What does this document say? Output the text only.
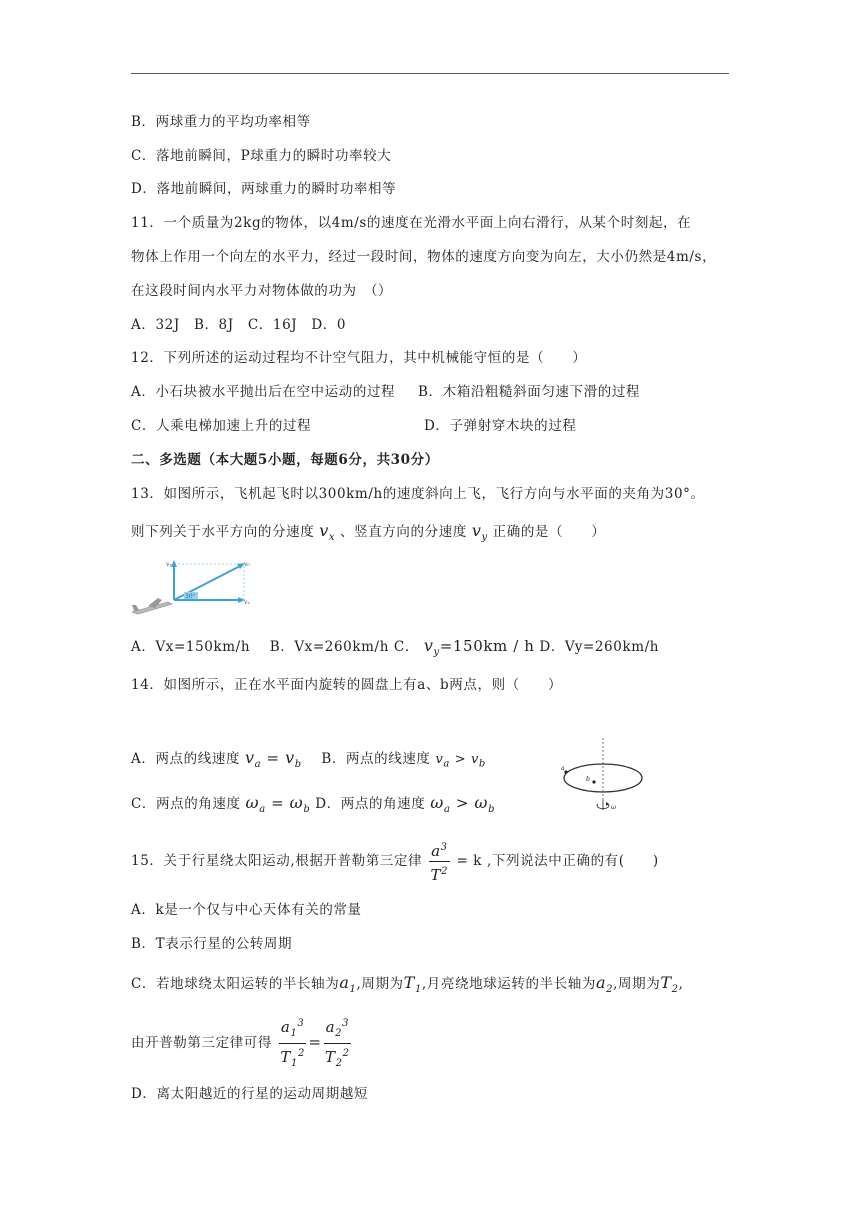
B．两球重力的平均功率相等
C．落地前瞬间，P球重力的瞬时功率较大
D．落地前瞬间，两球重力的瞬时功率相等
11．一个质量为2kg的物体，以4m/s的速度在光滑水平面上向右滑行，从某个时刻起，在
物体上作用一个向左的水平力，经过一段时间，物体的速度方向变为向左，大小仍然是4m/s，
在这段时间内水平力对物体做的功为　（）
A．32J　B．8J　C．16J　D．0
12．下列所述的运动过程均不计空气阻力，其中机械能守恒的是（　　）
A．小石块被水平抛出后在空中运动的过程 B．木箱沿粗糙斜面匀速下滑的过程
C．人乘电梯加速上升的过程	D．子弹射穿木块的过程
二、多选题（本大题5小题，每题6分，共30分）
13．如图所示，飞机起飞时以300km/h的速度斜向上飞，飞行方向与水平面的夹角为30°。
则下列关于水平方向的分速度 $v_x$ 、竖直方向的分速度 $v_y$ 正确的是（　　）
30°
vᵧ	v₀
vₓ
A．Vx=150km/h B．Vx=260km/h C． $v_y=150km / h$ D．Vy=260km/h
14．如图所示，正在水平面内旋转的圆盘上有a、b两点，则（　　）
A．两点的线速度 $v_a = v_b$ B．两点的线速度 $v_a > v_b$
C．两点的角速度 $\omega_a = \omega_b$ D．两点的角速度 $\omega_a > \omega_b$
a
b
ω
15．关于行星绕太阳运动,根据开普勒第三定律 $\frac{a^3}{T^2} = k$ ,下列说法中正确的有(　　)
A．k是一个仅与中心天体有关的常量
B．T表示行星的公转周期
C．若地球绕太阳运转的半长轴为$a_1$,周期为$T_1$,月亮绕地球运转的半长轴为$a_2$,周期为$T_2$,
由开普勒第三定律可得 $\frac{a_1^3}{T_1^2} = \frac{a_2^3}{T_2^2}$
D．离太阳越近的行星的运动周期越短
